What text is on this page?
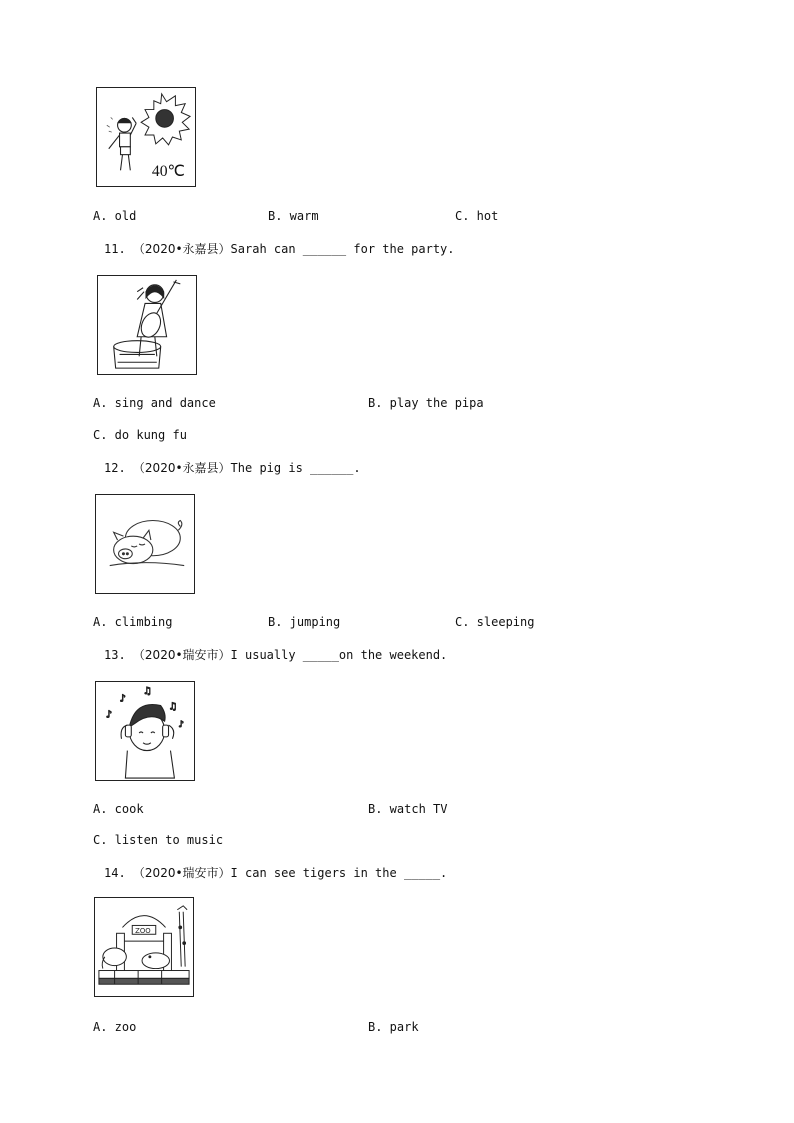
40℃
A. old	B. warm	C. hot
11. （2020•永嘉县）Sarah can ______ for the party.
A. sing and dance	B. play the pipa
C. do kung fu
12. （2020•永嘉县）The pig is ______.
A. climbing	B. jumping	C. sleeping
13. （2020•瑞安市）I usually _____on the weekend.
♪
♫
♪
♫
♪
A. cook	B. watch TV
C. listen to music
14. （2020•瑞安市）I can see tigers in the _____.
ZOO
A. zoo	B. park
